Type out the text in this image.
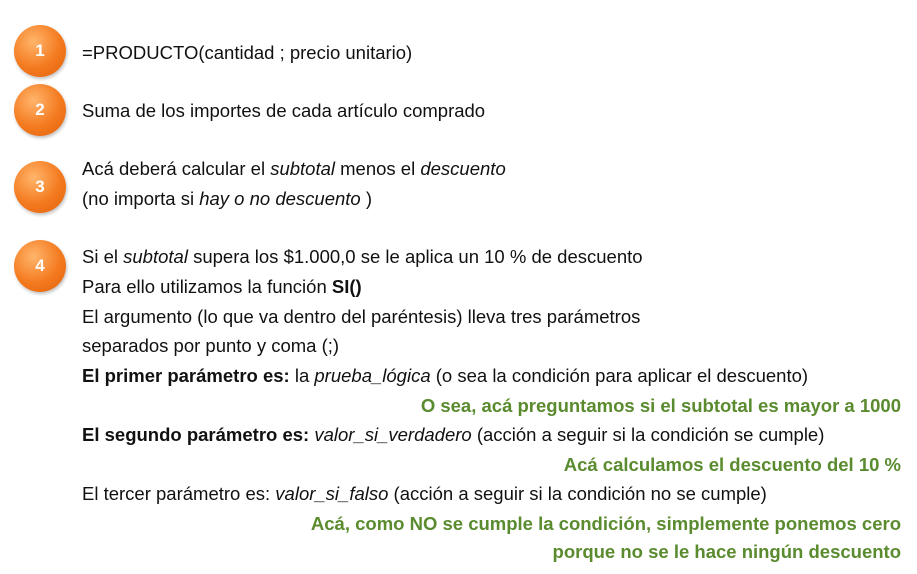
1 =PRODUCTO(cantidad ; precio unitario)
2 Suma de los importes de cada artículo comprado
3
Acá deberá calcular el subtotal menos el descuento
(no importa si hay o no descuento )
4 Si el subtotal supera los $1.000,0 se le aplica un 10 % de descuento
Para ello utilizamos la función SI()
El argumento (lo que va dentro del paréntesis) lleva tres parámetros
separados por punto y coma (;)
El primer parámetro es: la prueba_lógica (o sea la condición para aplicar el descuento)
O sea, acá preguntamos si el subtotal es mayor a 1000
El segundo parámetro es: valor_si_verdadero (acción a seguir si la condición se cumple)
Acá calculamos el descuento del 10 %
El tercer parámetro es: valor_si_falso (acción a seguir si la condición no se cumple)
Acá, como NO se cumple la condición, simplemente ponemos cero
porque no se le hace ningún descuento
